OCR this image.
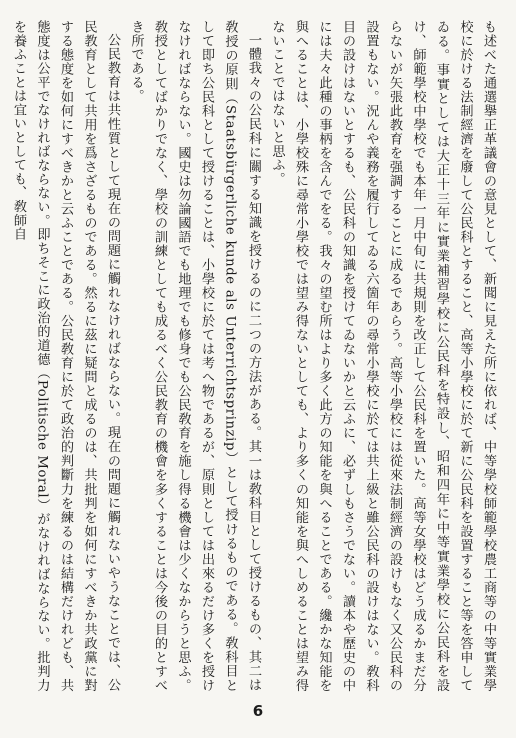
も述べた通選擧正革議會の意見として、新聞に見えた所に依れば、中等學校師範學校農工商等の中等實業學校に於ける法制經濟を廢して公民科とすること、高等小學校に於て新に公民科を設置すること等を答申してゐる。事實としては大正十三年に實業補習學校に公民科を特設し、昭和四年に中等實業學校に公民科を設け、師範學校中學校でも本年一月中旬に共規則を改正して公民科を置いた。高等女學校はどう成るかまだ分らないが矢張此教育を强調することに成るであらう。高等小學校には從來法制經濟の設けもなく又公民科の設置もない。況んや義務を履行してゐる六箇年の尋常小學校に於ては共上級と雖公民科の設けはない。敎科目の設けはないとするも、公民科の知識を授けてゐないかと云ふに、必ずしもさうでない。讀本や歷史の中には夫々此種の事柄を含んでをる。我々の望む所はより多く此方の知能を與へることである。纔かな知能を與へることは、小學校殊に尋常小學校では望み得ないとしても、より多くの知能を與へしめることは望み得ないことではないと思ふ。

一體我々の公民科に關する知識を授けるのに二つの方法がある。其一は敎科目として授けるもの、其二は敎授の原則（Staatsbürgerliche kunde als Unterrichtsprinzip）として授けるものである。敎科目として即ち公民科として授けることは、小學校に於ては考へ物であるが、原則としては出來るだけ多くを授けなければならない。國史は勿論國語でも地理でも修身でも公民敎育を施し得る機會は少くなからうと思ふ。敎授としてばかりでなく、學校の訓練としても成るべく公民教育の機會を多くすることは今後の目的とすべき所である。

公民教育は共性質として現在の問題に觸れなければならない。現在の問題に觸れないやうなことでは、公民教育として共用を爲さざるものである。然るに茲に疑問と成るのは、共批判を如何にすべきか共政黨に對する態度を如何にすべきかと云ふことである。公民敎育に於て政治的判斷力を練るのは結構だけれども、共態度は公平でなければならない。即ちそこに政治的道德（Politische Moral）がなければならない。批判力を養ふことは宜いとしても、敎師自

6
